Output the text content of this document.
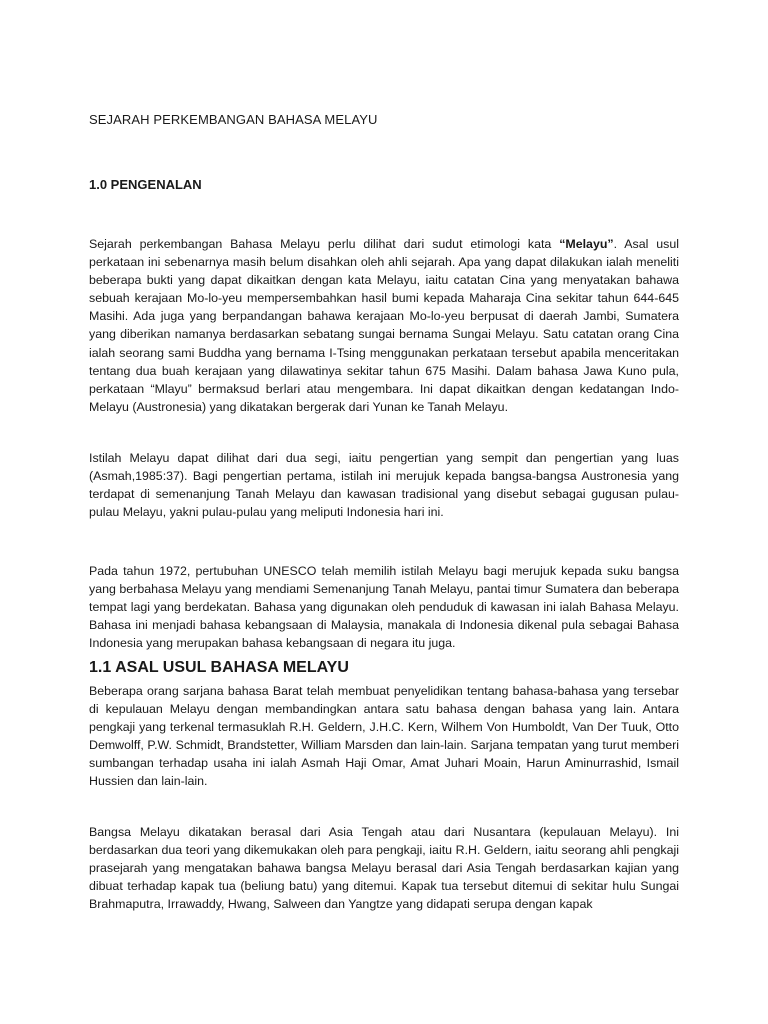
SEJARAH PERKEMBANGAN BAHASA MELAYU
1.0 PENGENALAN

Sejarah perkembangan Bahasa Melayu perlu dilihat dari sudut etimologi kata “Melayu”. Asal usul perkataan ini sebenarnya masih belum disahkan oleh ahli sejarah. Apa yang dapat dilakukan ialah meneliti beberapa bukti yang dapat dikaitkan dengan kata Melayu, iaitu catatan Cina yang menyatakan bahawa sebuah kerajaan Mo-lo-yeu mempersembahkan hasil bumi kepada Maharaja Cina sekitar tahun 644-645 Masihi. Ada juga yang berpandangan bahawa kerajaan Mo-lo-yeu berpusat di daerah Jambi, Sumatera yang diberikan namanya berdasarkan sebatang sungai bernama Sungai Melayu. Satu catatan orang Cina ialah seorang sami Buddha yang bernama I-Tsing menggunakan perkataan tersebut apabila menceritakan tentang dua buah kerajaan yang dilawatinya sekitar tahun 675 Masihi. Dalam bahasa Jawa Kuno pula, perkataan “Mlayu” bermaksud berlari atau mengembara. Ini dapat dikaitkan dengan kedatangan Indo-Melayu (Austronesia) yang dikatakan bergerak dari Yunan ke Tanah Melayu.

Istilah Melayu dapat dilihat dari dua segi, iaitu pengertian yang sempit dan pengertian yang luas (Asmah,1985:37). Bagi pengertian pertama, istilah ini merujuk kepada bangsa-bangsa Austronesia yang terdapat di semenanjung Tanah Melayu dan kawasan tradisional yang disebut sebagai gugusan pulau-pulau Melayu, yakni pulau-pulau yang meliputi Indonesia hari ini.

Pada tahun 1972, pertubuhan UNESCO telah memilih istilah Melayu bagi merujuk kepada suku bangsa yang berbahasa Melayu yang mendiami Semenanjung Tanah Melayu, pantai timur Sumatera dan beberapa tempat lagi yang berdekatan. Bahasa yang digunakan oleh penduduk di kawasan ini ialah Bahasa Melayu. Bahasa ini menjadi bahasa kebangsaan di Malaysia, manakala di Indonesia dikenal pula sebagai Bahasa Indonesia yang merupakan bahasa kebangsaan di negara itu juga.

1.1 ASAL USUL BAHASA MELAYU

Beberapa orang sarjana bahasa Barat telah membuat penyelidikan tentang bahasa-bahasa yang tersebar di kepulauan Melayu dengan membandingkan antara satu bahasa dengan bahasa yang lain. Antara pengkaji yang terkenal termasuklah R.H. Geldern, J.H.C. Kern, Wilhem Von Humboldt, Van Der Tuuk, Otto Demwolff, P.W. Schmidt, Brandstetter, William Marsden dan lain-lain. Sarjana tempatan yang turut memberi sumbangan terhadap usaha ini ialah Asmah Haji Omar, Amat Juhari Moain, Harun Aminurrashid, Ismail Hussien dan lain-lain.

Bangsa Melayu dikatakan berasal dari Asia Tengah atau dari Nusantara (kepulauan Melayu). Ini berdasarkan dua teori yang dikemukakan oleh para pengkaji, iaitu R.H. Geldern, iaitu seorang ahli pengkaji prasejarah yang mengatakan bahawa bangsa Melayu berasal dari Asia Tengah berdasarkan kajian yang dibuat terhadap kapak tua (beliung batu) yang ditemui. Kapak tua tersebut ditemui di sekitar hulu Sungai Brahmaputra, Irrawaddy, Hwang, Salween dan Yangtze yang didapati serupa dengan kapak
